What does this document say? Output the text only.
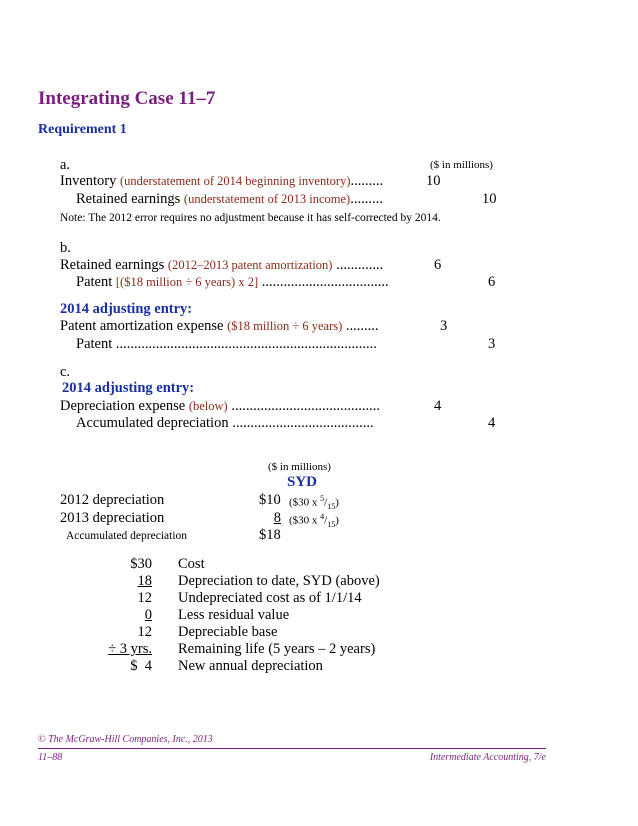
Integrating Case 11–7
Requirement 1
a.	($ in millions)
Inventory (understatement of 2014 beginning inventory).........	10
Retained earnings (understatement of 2013 income).........	10
Note: The 2012 error requires no adjustment because it has self-corrected by 2014.
b.
Retained earnings (2012–2013 patent amortization) .............	6
Patent [($18 million ÷ 6 years) x 2] ...................................	6
2014 adjusting entry:
Patent amortization expense ($18 million ÷ 6 years) .........	3
Patent ........................................................................	3
c.
2014 adjusting entry:
Depreciation expense (below) .........................................	4
Accumulated depreciation .......................................	4
($ in millions)
SYD
2012 depreciation	$10 ($30 x $^5/_{15}$)
2013 depreciation	8 ($30 x $^4/_{15}$)
Accumulated depreciation	$18
$30 Cost
18 Depreciation to date, SYD (above)
12 Undepreciated cost as of 1/1/14
0 Less residual value
12 Depreciable base
÷ 3 yrs. Remaining life (5 years – 2 years)
$  4 New annual depreciation
© The McGraw-Hill Companies, Inc., 2013
11–88	Intermediate Accounting, 7/e
